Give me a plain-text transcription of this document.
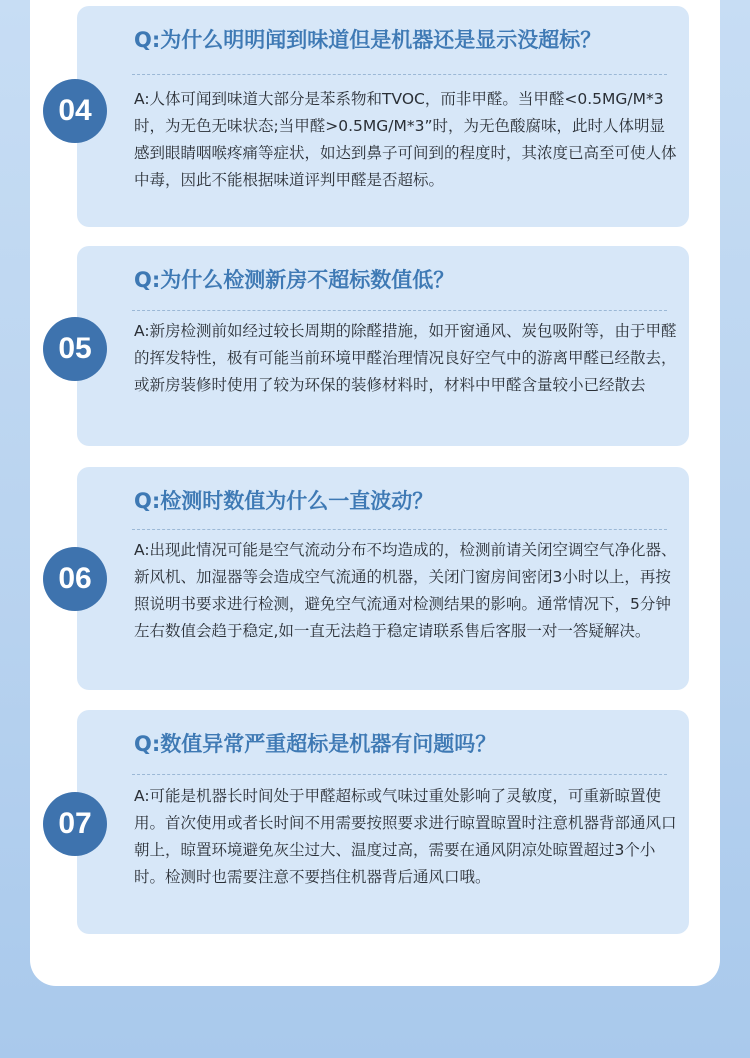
Q:为什么明明闻到味道但是机器还是显示没超标？
A:人体可闻到味道大部分是苯系物和TVOC，而非甲醛。当甲醛<0.5MG/M*3时，为无色无味状态;当甲醛>0.5MG/M*3”时，为无色酸腐味，此时人体明显感到眼睛咽喉疼痛等症状，如达到鼻子可间到的程度时，其浓度已高至可使人体中毒，因此不能根据味道评判甲醛是否超标。
04
Q:为什么检测新房不超标数值低？
A:新房检测前如经过较长周期的除醛措施，如开窗通风、炭包吸附等，由于甲醛的挥发特性，极有可能当前环境甲醛治理情况良好空气中的游离甲醛已经散去，或新房装修时使用了较为环保的装修材料时，材料中甲醛含量较小已经散去
05
Q:检测时数值为什么一直波动？
A:出现此情况可能是空气流动分布不均造成的，检测前请关闭空调空气净化器、新风机、加湿器等会造成空气流通的机器，关闭门窗房间密闭3小时以上，再按照说明书要求进行检测，避免空气流通对检测结果的影响。通常情况下，5分钟左右数值会趋于稳定,如一直无法趋于稳定请联系售后客服一对一答疑解决。
06
Q:数值异常严重超标是机器有问题吗？
A:可能是机器长时间处于甲醛超标或气味过重处影响了灵敏度，可重新晾置使用。首次使用或者长时间不用需要按照要求进行晾置晾置时注意机器背部通风口朝上，晾置环境避免灰尘过大、温度过高，需要在通风阴凉处晾置超过3个小时。检测时也需要注意不要挡住机器背后通风口哦。
07
